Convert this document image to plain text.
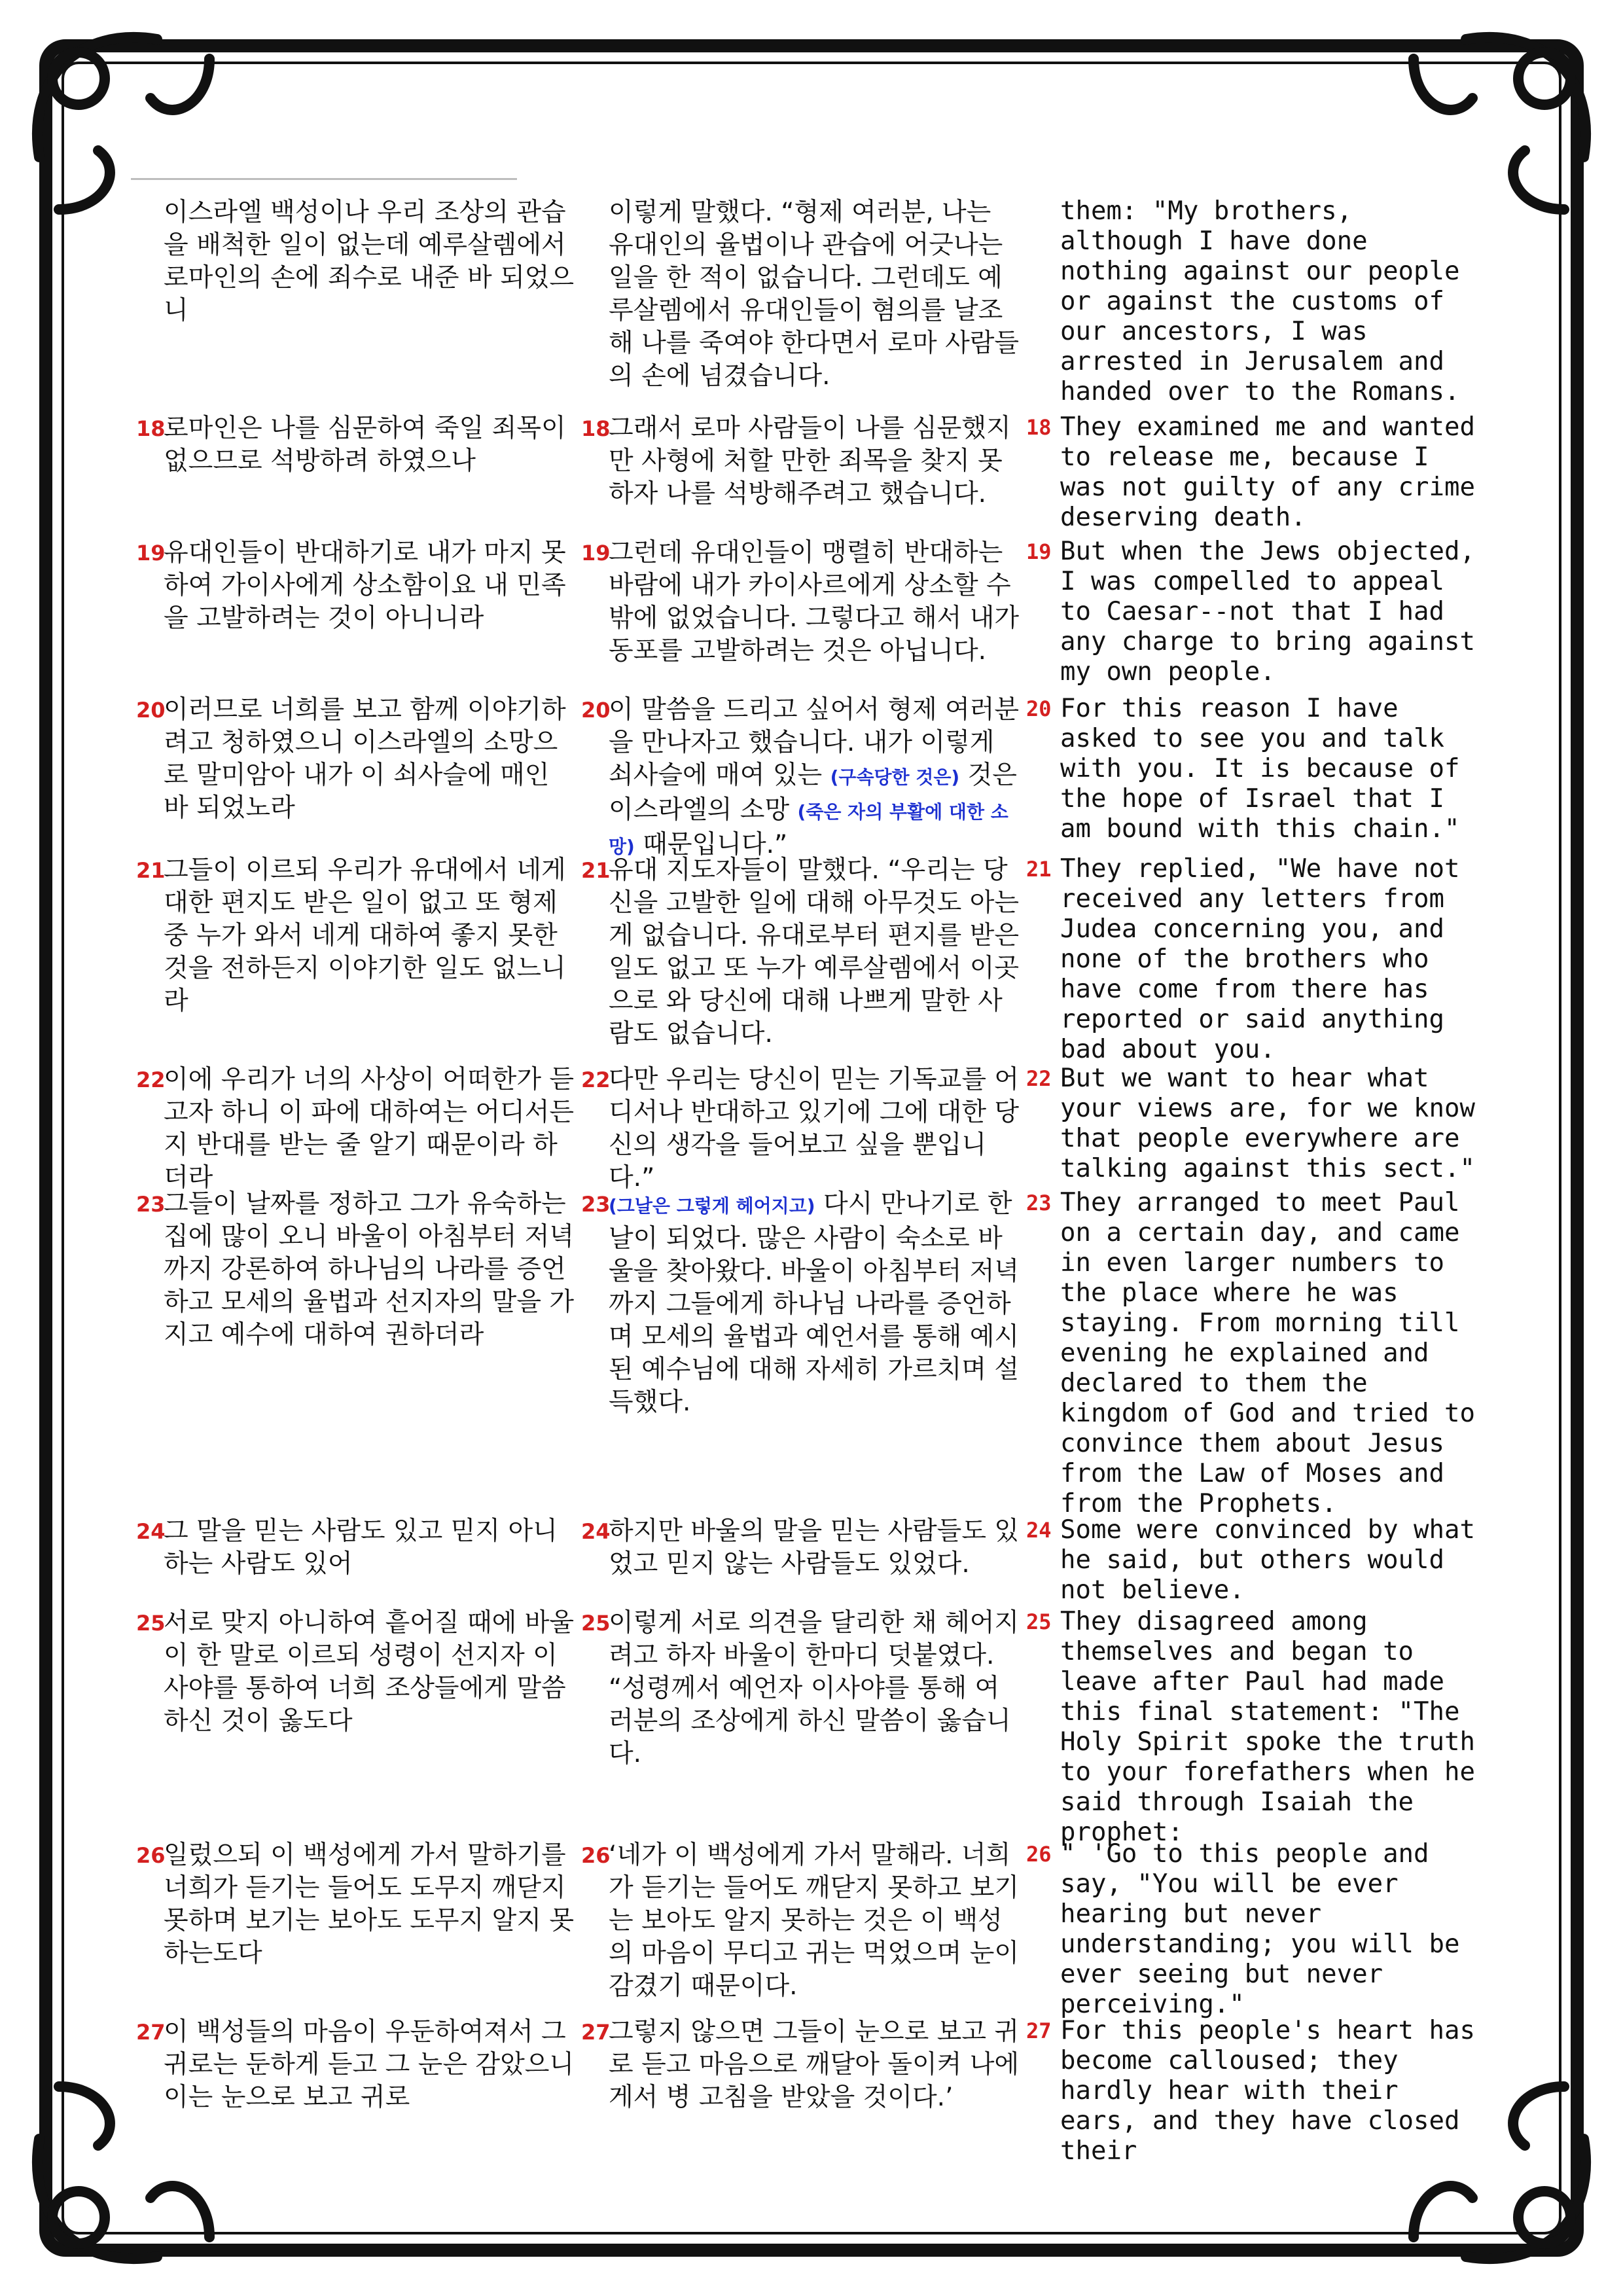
이스라엘 백성이나 우리 조상의 관습을 배척한 일이 없는데 예루살렘에서 로마인의 손에 죄수로 내준 바 되었으니
이렇게 말했다. “형제 여러분, 나는 유대인의 율법이나 관습에 어긋나는 일을 한 적이 없습니다. 그런데도 예루살렘에서 유대인들이 혐의를 날조해 나를 죽여야 한다면서 로마 사람들의 손에 넘겼습니다.
them: "My brothers, although I have done nothing against our people or against the customs of our ancestors, I was arrested in Jerusalem and handed over to the Romans.
18
로마인은 나를 심문하여 죽일 죄목이 없으므로 석방하려 하였으나
18
그래서 로마 사람들이 나를 심문했지만 사형에 처할 만한 죄목을 찾지 못하자 나를 석방해주려고 했습니다.
18 They examined me and wanted to release me, because I was not guilty of any crime deserving death.
19
유대인들이 반대하기로 내가 마지 못하여 가이사에게 상소함이요 내 민족을 고발하려는 것이 아니니라
19
그런데 유대인들이 맹렬히 반대하는 바람에 내가 카이사르에게 상소할 수밖에 없었습니다. 그렇다고 해서 내가 동포를 고발하려는 것은 아닙니다.
19 But when the Jews objected, I was compelled to appeal to Caesar--not that I had any charge to bring against my own people.
20
이러므로 너희를 보고 함께 이야기하려고 청하였으니 이스라엘의 소망으로 말미암아 내가 이 쇠사슬에 매인 바 되었노라
20
이 말씀을 드리고 싶어서 형제 여러분을 만나자고 했습니다. 내가 이렇게 쇠사슬에 매여 있는 (구속당한 것은) 것은 이스라엘의 소망 (죽은 자의 부활에 대한 소망) 때문입니다.”
20 For this reason I have asked to see you and talk with you. It is because of the hope of Israel that I am bound with this chain."
21
그들이 이르되 우리가 유대에서 네게 대한 편지도 받은 일이 없고 또 형제 중 누가 와서 네게 대하여 좋지 못한 것을 전하든지 이야기한 일도 없느니라
21
유대 지도자들이 말했다. “우리는 당신을 고발한 일에 대해 아무것도 아는 게 없습니다. 유대로부터 편지를 받은 일도 없고 또 누가 예루살렘에서 이곳으로 와 당신에 대해 나쁘게 말한 사람도 없습니다.
21 They replied, "We have not received any letters from Judea concerning you, and none of the brothers who have come from there has reported or said anything bad about you.
22
이에 우리가 너의 사상이 어떠한가 듣고자 하니 이 파에 대하여는 어디서든지 반대를 받는 줄 알기 때문이라 하더라
22
다만 우리는 당신이 믿는 기독교를 어디서나 반대하고 있기에 그에 대한 당신의 생각을 들어보고 싶을 뿐입니다.”
22 But we want to hear what your views are, for we know that people everywhere are talking against this sect."
23
그들이 날짜를 정하고 그가 유숙하는 집에 많이 오니 바울이 아침부터 저녁까지 강론하여 하나님의 나라를 증언하고 모세의 율법과 선지자의 말을 가지고 예수에 대하여 권하더라
23
(그날은 그렇게 헤어지고) 다시 만나기로 한 날이 되었다. 많은 사람이 숙소로 바울을 찾아왔다. 바울이 아침부터 저녁까지 그들에게 하나님 나라를 증언하며 모세의 율법과 예언서를 통해 예시된 예수님에 대해 자세히 가르치며 설득했다.
23 They arranged to meet Paul on a certain day, and came in even larger numbers to the place where he was staying. From morning till evening he explained and declared to them the kingdom of God and tried to convince them about Jesus from the Law of Moses and from the Prophets.
24
그 말을 믿는 사람도 있고 믿지 아니하는 사람도 있어
24
하지만 바울의 말을 믿는 사람들도 있었고 믿지 않는 사람들도 있었다.
24 Some were convinced by what he said, but others would not believe.
25
서로 맞지 아니하여 흩어질 때에 바울이 한 말로 이르되 성령이 선지자 이사야를 통하여 너희 조상들에게 말씀하신 것이 옳도다
25
이렇게 서로 의견을 달리한 채 헤어지려고 하자 바울이 한마디 덧붙였다. “성령께서 예언자 이사야를 통해 여러분의 조상에게 하신 말씀이 옳습니다.
25 They disagreed among themselves and began to leave after Paul had made this final statement: "The Holy Spirit spoke the truth to your forefathers when he said through Isaiah the prophet:
26
일렀으되 이 백성에게 가서 말하기를 너희가 듣기는 들어도 도무지 깨닫지 못하며 보기는 보아도 도무지 알지 못하는도다
26
‘네가 이 백성에게 가서 말해라. 너희가 듣기는 들어도 깨닫지 못하고 보기는 보아도 알지 못하는 것은 이 백성의 마음이 무디고 귀는 먹었으며 눈이 감겼기 때문이다.
26 " 'Go to this people and say, "You will be ever hearing but never understanding; you will be ever seeing but never perceiving."
27
이 백성들의 마음이 우둔하여져서 그 귀로는 둔하게 듣고 그 눈은 감았으니 이는 눈으로 보고 귀로
27
그렇지 않으면 그들이 눈으로 보고 귀로 듣고 마음으로 깨달아 돌이켜 나에게서 병 고침을 받았을 것이다.’
27 For this people's heart has become calloused; they hardly hear with their ears, and they have closed their
